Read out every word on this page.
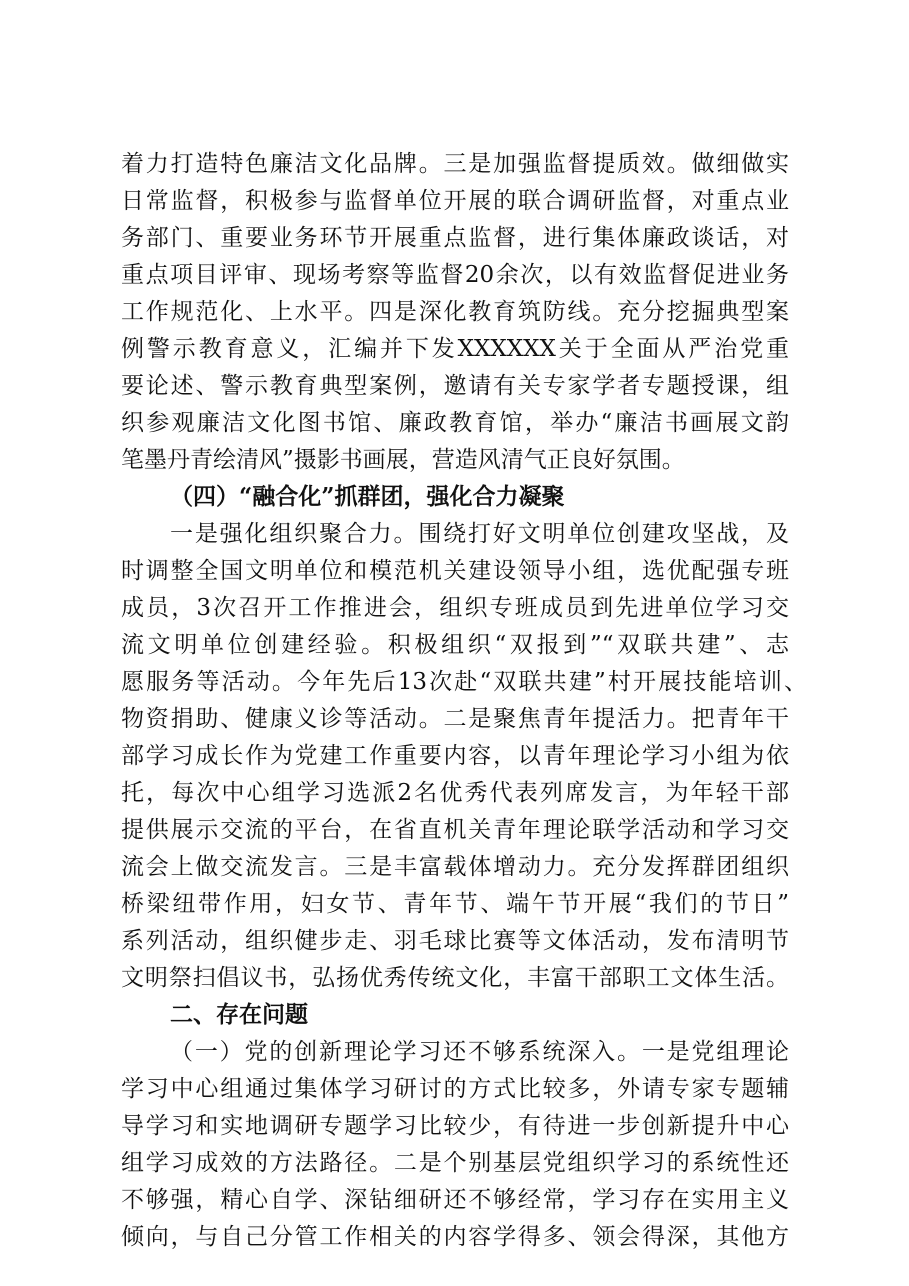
着力打造特色廉洁文化品牌。三是加强监督提质效。做细做实
日常监督，积极参与监督单位开展的联合调研监督，对重点业
务部门、重要业务环节开展重点监督，进行集体廉政谈话，对
重点项目评审、现场考察等监督20余次，以有效监督促进业务
工作规范化、上水平。四是深化教育筑防线。充分挖掘典型案
例警示教育意义，汇编并下发XXXXXX关于全面从严治党重
要论述、警示教育典型案例，邀请有关专家学者专题授课，组
织参观廉洁文化图书馆、廉政教育馆，举办“廉洁书画展文韵
笔墨丹青绘清风”摄影书画展，营造风清气正良好氛围。
（四）“融合化”抓群团，强化合力凝聚
一是强化组织聚合力。围绕打好文明单位创建攻坚战，及
时调整全国文明单位和模范机关建设领导小组，选优配强专班
成员，3次召开工作推进会，组织专班成员到先进单位学习交
流文明单位创建经验。积极组织“双报到”“双联共建”、志
愿服务等活动。今年先后13次赴“双联共建”村开展技能培训、
物资捐助、健康义诊等活动。二是聚焦青年提活力。把青年干
部学习成长作为党建工作重要内容，以青年理论学习小组为依
托，每次中心组学习选派2名优秀代表列席发言，为年轻干部
提供展示交流的平台，在省直机关青年理论联学活动和学习交
流会上做交流发言。三是丰富载体增动力。充分发挥群团组织
桥梁纽带作用，妇女节、青年节、端午节开展“我们的节日”
系列活动，组织健步走、羽毛球比赛等文体活动，发布清明节
文明祭扫倡议书，弘扬优秀传统文化，丰富干部职工文体生活。
二、存在问题
（一）党的创新理论学习还不够系统深入。一是党组理论
学习中心组通过集体学习研讨的方式比较多，外请专家专题辅
导学习和实地调研专题学习比较少，有待进一步创新提升中心
组学习成效的方法路径。二是个别基层党组织学习的系统性还
不够强，精心自学、深钻细研还不够经常，学习存在实用主义
倾向，与自己分管工作相关的内容学得多、领会得深，其他方
